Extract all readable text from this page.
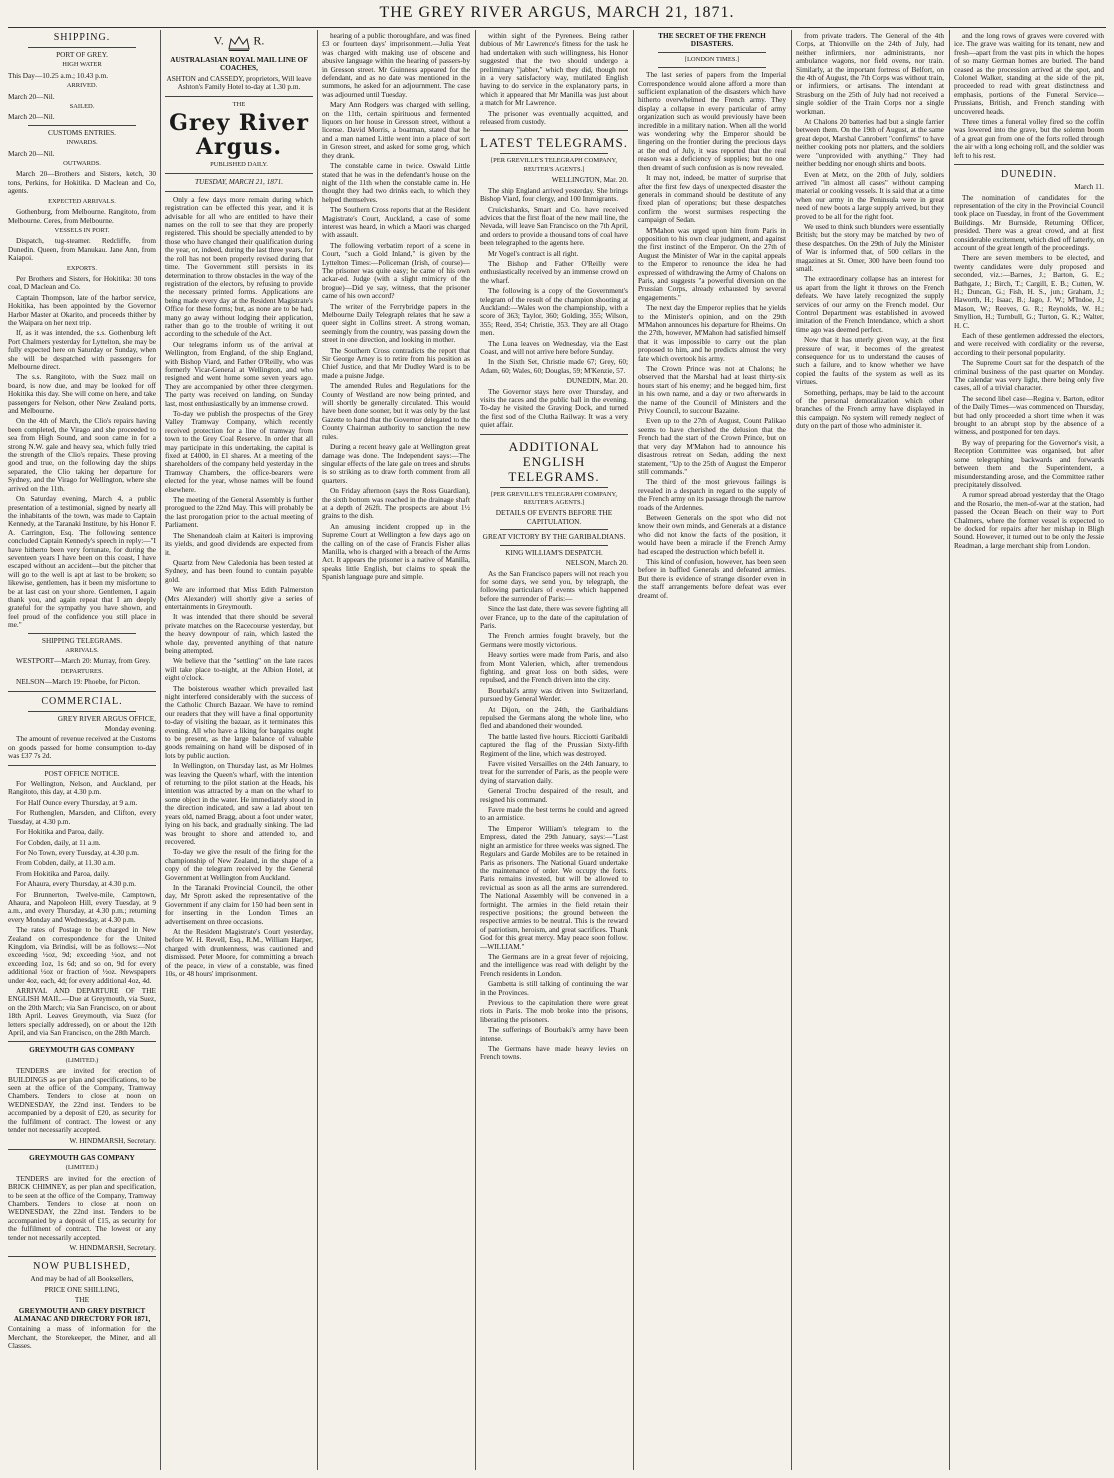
THE GREY RIVER ARGUS, MARCH 21, 1871.

SHIPPING.

PORT OF GREY.

HIGH WATER

This Day—10.25 a.m.; 10.43 p.m.

ARRIVED.

March 20—Nil.

SAILED.

March 20—Nil.

CUSTOMS ENTRIES.

INWARDS.

March 20—Nil.

OUTWARDS.

March 20—Brothers and Sisters, ketch, 30 tons, Perkins, for Hokitika. D Maclean and Co, agents.

EXPECTED ARRIVALS.

Gothenburg, from Melbourne. Rangitoto, from Melbourne. Ceres, from Melbourne.

VESSELS IN PORT.

Dispatch, tug-steamer. Redcliffe, from Dunedin. Queen, from Manukau. Jane Ann, from Kaiapoi.

EXPORTS.

Per Brothers and Sisters, for Hokitika: 30 tons coal, D Maclean and Co.

Captain Thompson, late of the harbor service, Hokitika, has been appointed by the Governor Harbor Master at Okarito, and proceeds thither by the Waipara on her next trip.

If, as it was intended, the s.s. Gothenburg left Port Chalmers yesterday for Lyttelton, she may be fully expected here on Saturday or Sunday, when she will be despatched with passengers for Melbourne direct.

The s.s. Rangitoto, with the Suez mail on board, is now due, and may be looked for off Hokitika this day. She will come on here, and take passengers for Nelson, other New Zealand ports, and Melbourne.

On the 4th of March, the Clio's repairs having been completed, the Virago and she proceeded to sea from High Sound, and soon came in for a strong N.W. gale and heavy sea, which fully tried the strength of the Clio's repairs. These proving good and true, on the following day the ships separated, the Clio taking her departure for Sydney, and the Virago for Wellington, where she arrived on the 11th.

On Saturday evening, March 4, a public presentation of a testimonial, signed by nearly all the inhabitants of the town, was made to Captain Kennedy, at the Taranaki Institute, by his Honor F. A. Carrington, Esq. The following sentence concluded Captain Kennedy's speech in reply:—"I have hitherto been very fortunate, for during the seventeen years I have been on this coast, I have escaped without an accident—but the pitcher that will go to the well is apt at last to be broken; so likewise, gentlemen, has it been my misfortune to be at last cast on your shore. Gentlemen, I again thank you, and again repeat that I am deeply grateful for the sympathy you have shown, and feel proud of the confidence you still place in me."

SHIPPING TELEGRAMS.

ARRIVALS.

WESTPORT—March 20: Murray, from Grey.

DEPARTURES.

NELSON—March 19: Phoebe, for Picton.

COMMERCIAL.

GREY RIVER ARGUS OFFICE,

Monday evening.

The amount of revenue received at the Customs on goods passed for home consumption to-day was £37 7s 2d.

POST OFFICE NOTICE.

For Wellington, Nelson, and Auckland, per Rangitoto, this day, at 4.30 p.m.

For Half Ounce every Thursday, at 9 a.m.

For Ruthenglen, Marsden, and Clifton, every Tuesday, at 4.30 p.m.

For Hokitika and Paroa, daily.

For Cobden, daily, at 11 a.m.

For No Town, every Tuesday, at 4.30 p.m.

From Cobden, daily, at 11.30 a.m.

From Hokitika and Paroa, daily.

For Ahaura, every Thursday, at 4.30 p.m.

For Brunnerton, Twelve-mile, Camptown, Ahaura, and Napoleon Hill, every Tuesday, at 9 a.m., and every Thursday, at 4.30 p.m.; returning every Monday and Wednesday, at 4.30 p.m.

The rates of Postage to be charged in New Zealand on correspondence for the United Kingdom, via Brindisi, will be as follows:—Not exceeding ½oz, 9d; exceeding ½oz, and not exceeding 1oz, 1s 6d; and so on, 9d for every additional ½oz or fraction of ½oz. Newspapers under 4oz, each, 4d; for every additional 4oz, 4d.

ARRIVAL AND DEPARTURE OF THE ENGLISH MAIL.—Due at Greymouth, via Suez, on the 20th March; via San Francisco, on or about 18th April. Leaves Greymouth, via Suez (for letters specially addressed), on or about the 12th April, and via San Francisco, on the 28th March.

GREYMOUTH GAS COMPANY

(LIMITED.)

TENDERS are invited for erection of BUILDINGS as per plan and specifications, to be seen at the office of the Company, Tramway Chambers. Tenders to close at noon on WEDNESDAY, the 22nd inst. Tenders to be accompanied by a deposit of £20, as security for the fulfilment of contract. The lowest or any tender not necessarily accepted.

W. HINDMARSH, Secretary.

GREYMOUTH GAS COMPANY

(LIMITED.)

TENDERS are invited for the erection of BRICK CHIMNEY, as per plan and specification, to be seen at the office of the Company, Tramway Chambers. Tenders to close at noon on WEDNESDAY, the 22nd inst. Tenders to be accompanied by a deposit of £15, as security for the fulfilment of contract. The lowest or any tender not necessarily accepted.

W. HINDMARSH, Secretary.

NOW PUBLISHED,

And may be had of all Booksellers,

PRICE ONE SHILLING,

THE

GREYMOUTH AND GREY DISTRICT ALMANAC AND DIRECTORY FOR 1871,

Containing a mass of information for the Merchant, the Storekeeper, the Miner, and all Classes.

V. R.

AUSTRALASIAN ROYAL MAIL LINE OF COACHES,

ASHTON and CASSEDY, proprietors, Will leave Ashton's Family Hotel to-day at 1.30 p.m.

THE

Grey River Argus.

PUBLISHED DAILY.

TUESDAY, MARCH 21, 1871.

Only a few days more remain during which registration can be effected this year, and it is advisable for all who are entitled to have their names on the roll to see that they are properly registered. This should be specially attended to by those who have changed their qualification during the year, or, indeed, during the last three years, for the roll has not been properly revised during that time. The Government still persists in its determination to throw obstacles in the way of the registration of the electors, by refusing to provide the necessary printed forms. Applications are being made every day at the Resident Magistrate's Office for these forms; but, as none are to be had, many go away without lodging their application, rather than go to the trouble of writing it out according to the schedule of the Act.

Our telegrams inform us of the arrival at Wellington, from England, of the ship England, with Bishop Viard, and Father O'Reilly, who was formerly Vicar-General at Wellington, and who resigned and went home some seven years ago. They are accompanied by other three clergymen. The party was received on landing, on Sunday last, most enthusiastically by an immense crowd.

To-day we publish the prospectus of the Grey Valley Tramway Company, which recently received protection for a line of tramway from town to the Grey Coal Reserve. In order that all may participate in this undertaking, the capital is fixed at £4000, in £1 shares. At a meeting of the shareholders of the company held yesterday in the Tramway Chambers, the office-bearers were elected for the year, whose names will be found elsewhere.

The meeting of the General Assembly is further prorogued to the 22nd May. This will probably be the last prorogation prior to the actual meeting of Parliament.

The Shenandoah claim at Kaiteri is improving its yields, and good dividends are expected from it.

Quartz from New Caledonia has been tested at Sydney, and has been found to contain payable gold.

We are informed that Miss Edith Palmerston (Mrs Alexander) will shortly give a series of entertainments in Greymouth.

It was intended that there should be several private matches on the Racecourse yesterday, but the heavy downpour of rain, which lasted the whole day, prevented anything of that nature being attempted.

We believe that the "settling" on the late races will take place to-night, at the Albion Hotel, at eight o'clock.

The boisterous weather which prevailed last night interfered considerably with the success of the Catholic Church Bazaar. We have to remind our readers that they will have a final opportunity to-day of visiting the bazaar, as it terminates this evening. All who have a liking for bargains ought to be present, as the large balance of valuable goods remaining on hand will be disposed of in lots by public auction.

In Wellington, on Thursday last, as Mr Holmes was leaving the Queen's wharf, with the intention of returning to the pilot station at the Heads, his intention was attracted by a man on the wharf to some object in the water. He immediately stood in the direction indicated, and saw a lad about ten years old, named Bragg, about a foot under water, lying on his back, and gradually sinking. The lad was brought to shore and attended to, and recovered.

To-day we give the result of the firing for the championship of New Zealand, in the shape of a copy of the telegram received by the General Government at Wellington from Auckland.

In the Taranaki Provincial Council, the other day, Mr Sprott asked the representative of the Government if any claim for 150 had been sent in for inserting in the London Times an advertisement on three occasions.

At the Resident Magistrate's Court yesterday, before W. H. Revell, Esq., R.M., William Harper, charged with drunkenness, was cautioned and dismissed. Peter Moore, for committing a breach of the peace, in view of a constable, was fined 10s, or 48 hours' imprisonment.

hearing of a public thoroughfare, and was fined £3 or fourteen days' imprisonment.—Julia Yeat was charged with making use of obscene and abusive language within the hearing of passers-by in Gresson street. Mr Guinness appeared for the defendant, and as no date was mentioned in the summons, he asked for an adjournment. The case was adjourned until Tuesday.

Mary Ann Rodgers was charged with selling, on the 11th, certain spirituous and fermented liquors on her house in Gresson street, without a license. David Morris, a boatman, stated that he and a man named Little went into a place of sort in Greson street, and asked for some grog, which they drank.

The constable came in twice. Oswald Little stated that he was in the defendant's house on the night of the 11th when the constable came in. He thought they had two drinks each, to which they helped themselves.

The Southern Cross reports that at the Resident Magistrate's Court, Auckland, a case of some interest was heard, in which a Maori was charged with assault.

The following verbatim report of a scene in Court, "such a Gold Inland," is given by the Lyttelton Times:—Policeman (Irish, of course)—The prisoner was quite easy; he came of his own ackar-ed. Judge (with a slight mimicry of the brogue)—Did ye say, witness, that the prisoner came of his own accord?

The writer of the Ferrybridge papers in the Melbourne Daily Telegraph relates that he saw a queer sight in Collins street. A strong woman, seemingly from the country, was passing down the street in one direction, and looking in mother.

The Southern Cross contradicts the report that Sir George Arney is to retire from his position as Chief Justice, and that Mr Dudley Ward is to be made a puisne Judge.

The amended Rules and Regulations for the County of Westland are now being printed, and will shortly be generally circulated. This would have been done sooner, but it was only by the last Gazette to hand that the Governor delegated to the County Chairman authority to sanction the new rules.

During a recent heavy gale at Wellington great damage was done. The Independent says:—The singular effects of the late gale on trees and shrubs is so striking as to draw forth comment from all quarters.

On Friday afternoon (says the Ross Guardian), the sixth bottom was reached in the drainage shaft at a depth of 262ft. The prospects are about 1½ grains to the dish.

An amusing incident cropped up in the Supreme Court at Wellington a few days ago on the calling on of the case of Francis Fisher alias Manilla, who is charged with a breach of the Arms Act. It appears the prisoner is a native of Manilla, speaks little English, but claims to speak the Spanish language pure and simple.

within sight of the Pyrenees. Being rather dubious of Mr Lawrence's fitness for the task he had undertaken with such willingness, his Honor suggested that the two should undergo a preliminary "jabber," which they did, though not in a very satisfactory way, mutilated English having to do service in the explanatory parts, in which it appeared that Mr Manilla was just about a match for Mr Lawrence.

The prisoner was eventually acquitted, and released from custody.

LATEST TELEGRAMS.

[PER GREVILLE'S TELEGRAPH COMPANY, REUTER'S AGENTS.]

WELLINGTON, Mar. 20.

The ship England arrived yesterday. She brings Bishop Viard, four clergy, and 100 Immigrants.

Cruickshanks, Smart and Co. have received advices that the first float of the new mail line, the Nevada, will leave San Francisco on the 7th April, and orders to provide a thousand tons of coal have been telegraphed to the agents here.

Mr Vogel's contract is all right.

The Bishop and Father O'Reilly were enthusiastically received by an immense crowd on the wharf.

The following is a copy of the Government's telegram of the result of the champion shooting at Auckland:—Wales won the championship, with a score of 363; Taylor, 360; Golding, 355; Wilson, 355; Reed, 354; Christie, 353. They are all Otago men.

The Luna leaves on Wednesday, via the East Coast, and will not arrive here before Sunday.

In the Sixth Set, Christie made 67; Grey, 60; Adam, 60; Wales, 60; Douglas, 59; M'Kenzie, 57.

DUNEDIN, Mar. 20.

The Governor stays here over Thursday, and visits the races and the public ball in the evening. To-day he visited the Graving Dock, and turned the first sod of the Clutha Railway. It was a very quiet affair.

ADDITIONAL ENGLISH TELEGRAMS.

[PER GREVILLE'S TELEGRAPH COMPANY, REUTER'S AGENTS.]

DETAILS OF EVENTS BEFORE THE CAPITULATION.

GREAT VICTORY BY THE GARIBALDIANS.

KING WILLIAM'S DESPATCH.

NELSON, March 20.

As the San Francisco papers will not reach you for some days, we send you, by telegraph, the following particulars of events which happened before the surrender of Paris:—

Since the last date, there was severe fighting all over France, up to the date of the capitulation of Paris.

The French armies fought bravely, but the Germans were mostly victorious.

Heavy sorties were made from Paris, and also from Mont Valerien, which, after tremendous fighting, and great loss on both sides, were repulsed, and the French driven into the city.

Bourbaki's army was driven into Switzerland, pursued by General Werder.

At Dijon, on the 24th, the Garibaldians repulsed the Germans along the whole line, who fled and abandoned their wounded.

The battle lasted five hours. Ricciotti Garibaldi captured the flag of the Prussian Sixty-fifth Regiment of the line, which was destroyed.

Favre visited Versailles on the 24th January, to treat for the surrender of Paris, as the people were dying of starvation daily.

General Trochu despaired of the result, and resigned his command.

Favre made the best terms he could and agreed to an armistice.

The Emperor William's telegram to the Empress, dated the 29th January, says:—"Last night an armistice for three weeks was signed. The Regulars and Garde Mobiles are to be retained in Paris as prisoners. The National Guard undertake the maintenance of order. We occupy the forts. Paris remains invested, but will be allowed to revictual as soon as all the arms are surrendered. The National Assembly will be convened in a fortnight. The armies in the field retain their respective positions; the ground between the respective armies to be neutral. This is the reward of patriotism, heroism, and great sacrifices. Thank God for this great mercy. May peace soon follow.—WILLIAM."

The Germans are in a great fever of rejoicing, and the intelligence was read with delight by the French residents in London.

Gambetta is still talking of continuing the war in the Provinces.

Previous to the capitulation there were great riots in Paris. The mob broke into the prisons, liberating the prisoners.

The sufferings of Bourbaki's army have been intense.

The Germans have made heavy levies on French towns.

THE SECRET OF THE FRENCH DISASTERS.

[LONDON TIMES.]

The last series of papers from the Imperial Correspondence would alone afford a more than sufficient explanation of the disasters which have hitherto overwhelmed the French army. They display a collapse in every particular of army organization such as would previously have been incredible in a military nation. When all the world was wondering why the Emperor should be lingering on the frontier during the precious days at the end of July, it was reported that the real reason was a deficiency of supplies; but no one then dreamt of such confusion as is now revealed.

It may not, indeed, be matter of surprise that after the first few days of unexpected disaster the generals in command should be destitute of any fixed plan of operations; but these despatches confirm the worst surmises respecting the campaign of Sedan.

M'Mahon was urged upon him from Paris in opposition to his own clear judgment, and against the first instinct of the Emperor. On the 27th of August the Minister of War in the capital appeals to the Emperor to renounce the idea he had expressed of withdrawing the Army of Chalons on Paris, and suggests "a powerful diversion on the Prussian Corps, already exhausted by several engagements."

The next day the Emperor replies that he yields to the Minister's opinion, and on the 29th M'Mahon announces his departure for Rheims. On the 27th, however, M'Mahon had satisfied himself that it was impossible to carry out the plan proposed to him, and he predicts almost the very fate which overtook his army.

The Crown Prince was not at Chalons; he observed that the Marshal had at least thirty-six hours start of his enemy; and he begged him, first in his own name, and a day or two afterwards in the name of the Council of Ministers and the Privy Council, to succour Bazaine.

Even up to the 27th of August, Count Palikao seems to have cherished the delusion that the French had the start of the Crown Prince, but on that very day M'Mahon had to announce his disastrous retreat on Sedan, adding the next statement, "Up to the 25th of August the Emperor still commands."

The third of the most grievous failings is revealed in a despatch in regard to the supply of the French army on its passage through the narrow roads of the Ardennes.

Between Generals on the spot who did not know their own minds, and Generals at a distance who did not know the facts of the position, it would have been a miracle if the French Army had escaped the destruction which befell it.

This kind of confusion, however, has been seen before in baffled Generals and defeated armies. But there is evidence of strange disorder even in the staff arrangements before defeat was ever dreamt of.

from private traders. The General of the 4th Corps, at Thionville on the 24th of July, had neither infirmiers, nor administrants, nor ambulance wagons, nor field ovens, nor train. Similarly, at the important fortress of Belfort, on the 4th of August, the 7th Corps was without train, or infirmiers, or artisans. The intendant at Strasburg on the 25th of July had not received a single soldier of the Train Corps nor a single workman.

At Chalons 20 batteries had but a single farrier between them. On the 19th of August, at the same great depot, Marshal Canrobert "confirms" to have neither cooking pots nor platters, and the soldiers were "unprovided with anything." They had neither bedding nor enough shirts and boots.

Even at Metz, on the 20th of July, soldiers arrived "in almost all cases" without camping material or cooking vessels. It is said that at a time when our army in the Peninsula were in great need of new boots a large supply arrived, but they proved to be all for the right foot.

We used to think such blunders were essentially British; but the story may be matched by two of these despatches. On the 29th of July the Minister of War is informed that, of 500 cellars in the magazines at St. Omer, 300 have been found too small.

The extraordinary collapse has an interest for us apart from the light it throws on the French defeats. We have lately recognized the supply services of our army on the French model. Our Control Department was established in avowed imitation of the French Intendance, which a short time ago was deemed perfect.

Now that it has utterly given way, at the first pressure of war, it becomes of the greatest consequence for us to understand the causes of such a failure, and to know whether we have copied the faults of the system as well as its virtues.

Something, perhaps, may be laid to the account of the personal demoralization which other branches of the French army have displayed in this campaign. No system will remedy neglect of duty on the part of those who administer it.

and the long rows of graves were covered with ice. The grave was waiting for its tenant, new and fresh—apart from the vast pits in which the hopes of so many German homes are buried. The band ceased as the procession arrived at the spot, and Colonel Walker, standing at the side of the pit, proceeded to read with great distinctness and emphasis, portions of the Funeral Service—Prussians, British, and French standing with uncovered heads.

Three times a funeral volley fired so the coffin was lowered into the grave, but the solemn boom of a great gun from one of the forts rolled through the air with a long echoing roll, and the soldier was left to his rest.

DUNEDIN.

March 11.

The nomination of candidates for the representation of the city in the Provincial Council took place on Tuesday, in front of the Government Buildings. Mr Burnside, Returning Officer, presided. There was a great crowd, and at first considerable excitement, which died off latterly, on account of the great length of the proceedings.

There are seven members to be elected, and twenty candidates were duly proposed and seconded, viz.:—Barnes, J.; Barton, G. E.; Bathgate, J.; Birch, T.; Cargill, E. B.; Cutten, W. H.; Duncan, G.; Fish, H. S., jun.; Graham, J.; Haworth, H.; Isaac, B.; Jago, J. W.; M'Indoe, J.; Mason, W.; Reeves, G. R.; Reynolds, W. H.; Smyllion, H.; Turnbull, G.; Turton, G. K.; Walter, H. C.

Each of these gentlemen addressed the electors, and were received with cordiality or the reverse, according to their personal popularity.

The Supreme Court sat for the despatch of the criminal business of the past quarter on Monday. The calendar was very light, there being only five cases, all of a trivial character.

The second libel case—Regina v. Barton, editor of the Daily Times—was commenced on Thursday, but had only proceeded a short time when it was brought to an abrupt stop by the absence of a witness, and postponed for ten days.

By way of preparing for the Governor's visit, a Reception Committee was organised, but after some telegraphing backwards and forwards between them and the Superintendent, a misunderstanding arose, and the Committee rather precipitately dissolved.

A rumor spread abroad yesterday that the Otago and the Rosario, the men-of-war at the station, had passed the Ocean Beach on their way to Port Chalmers, where the former vessel is expected to be docked for repairs after her mishap in Bligh Sound. However, it turned out to be only the Jessie Readman, a large merchant ship from London.
